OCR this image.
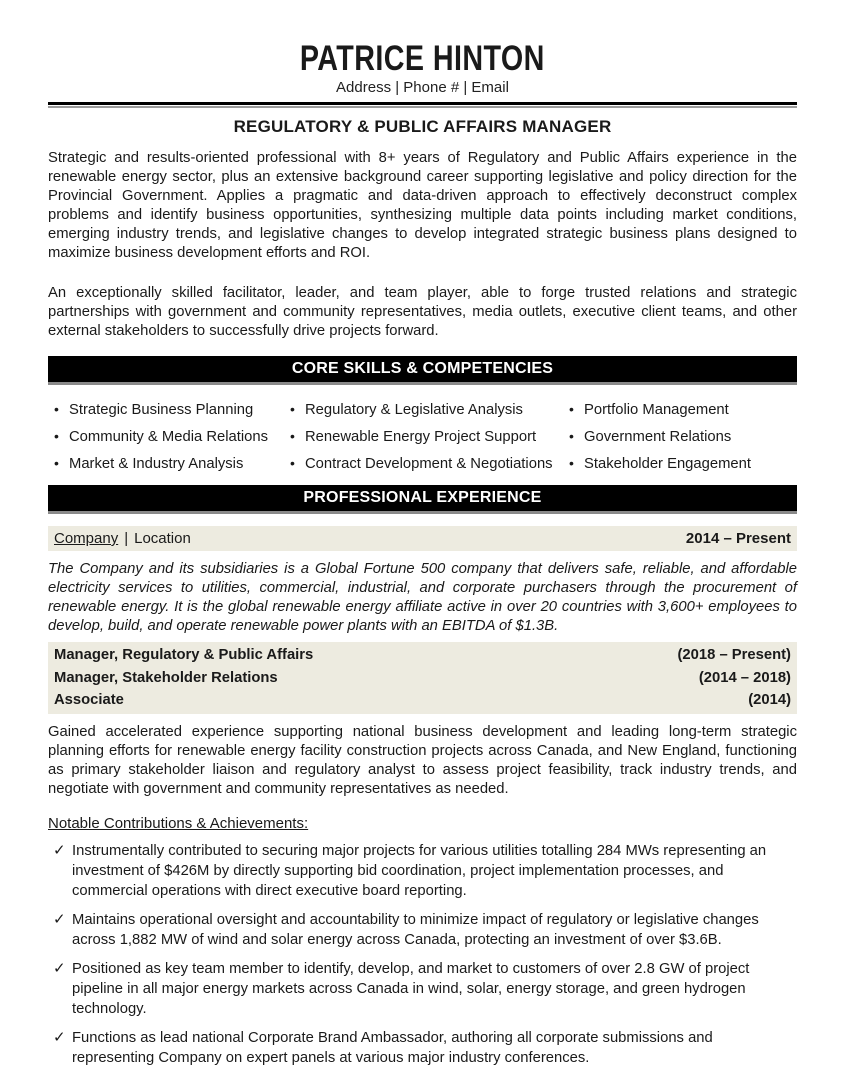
PATRICE HINTON
Address | Phone # | Email
REGULATORY & PUBLIC AFFAIRS MANAGER
Strategic and results-oriented professional with 8+ years of Regulatory and Public Affairs experience in the renewable energy sector, plus an extensive background career supporting legislative and policy direction for the Provincial Government. Applies a pragmatic and data-driven approach to effectively deconstruct complex problems and identify business opportunities, synthesizing multiple data points including market conditions, emerging industry trends, and legislative changes to develop integrated strategic business plans designed to maximize business development efforts and ROI.
An exceptionally skilled facilitator, leader, and team player, able to forge trusted relations and strategic partnerships with government and community representatives, media outlets, executive client teams, and other external stakeholders to successfully drive projects forward.
CORE SKILLS & COMPETENCIES
• Strategic Business Planning
• Community & Media Relations
• Market & Industry Analysis
• Regulatory & Legislative Analysis
• Renewable Energy Project Support
• Contract Development & Negotiations
• Portfolio Management
• Government Relations
• Stakeholder Engagement
PROFESSIONAL EXPERIENCE
Company | Location	2014 – Present
The Company and its subsidiaries is a Global Fortune 500 company that delivers safe, reliable, and affordable electricity services to utilities, commercial, industrial, and corporate purchasers through the procurement of renewable energy. It is the global renewable energy affiliate active in over 20 countries with 3,600+ employees to develop, build, and operate renewable power plants with an EBITDA of $1.3B.
Manager, Regulatory & Public Affairs	(2018 – Present)
Manager, Stakeholder Relations	(2014 – 2018)
Associate	(2014)
Gained accelerated experience supporting national business development and leading long-term strategic planning efforts for renewable energy facility construction projects across Canada, and New England, functioning as primary stakeholder liaison and regulatory analyst to assess project feasibility, track industry trends, and negotiate with government and community representatives as needed.
Notable Contributions & Achievements:
✓ Instrumentally contributed to securing major projects for various utilities totalling 284 MWs representing an investment of $426M by directly supporting bid coordination, project implementation processes, and commercial operations with direct executive board reporting.
✓ Maintains operational oversight and accountability to minimize impact of regulatory or legislative changes across 1,882 MW of wind and solar energy across Canada, protecting an investment of over $3.6B.
✓ Positioned as key team member to identify, develop, and market to customers of over 2.8 GW of project pipeline in all major energy markets across Canada in wind, solar, energy storage, and green hydrogen technology.
✓ Functions as lead national Corporate Brand Ambassador, authoring all corporate submissions and representing Company on expert panels at various major industry conferences.
